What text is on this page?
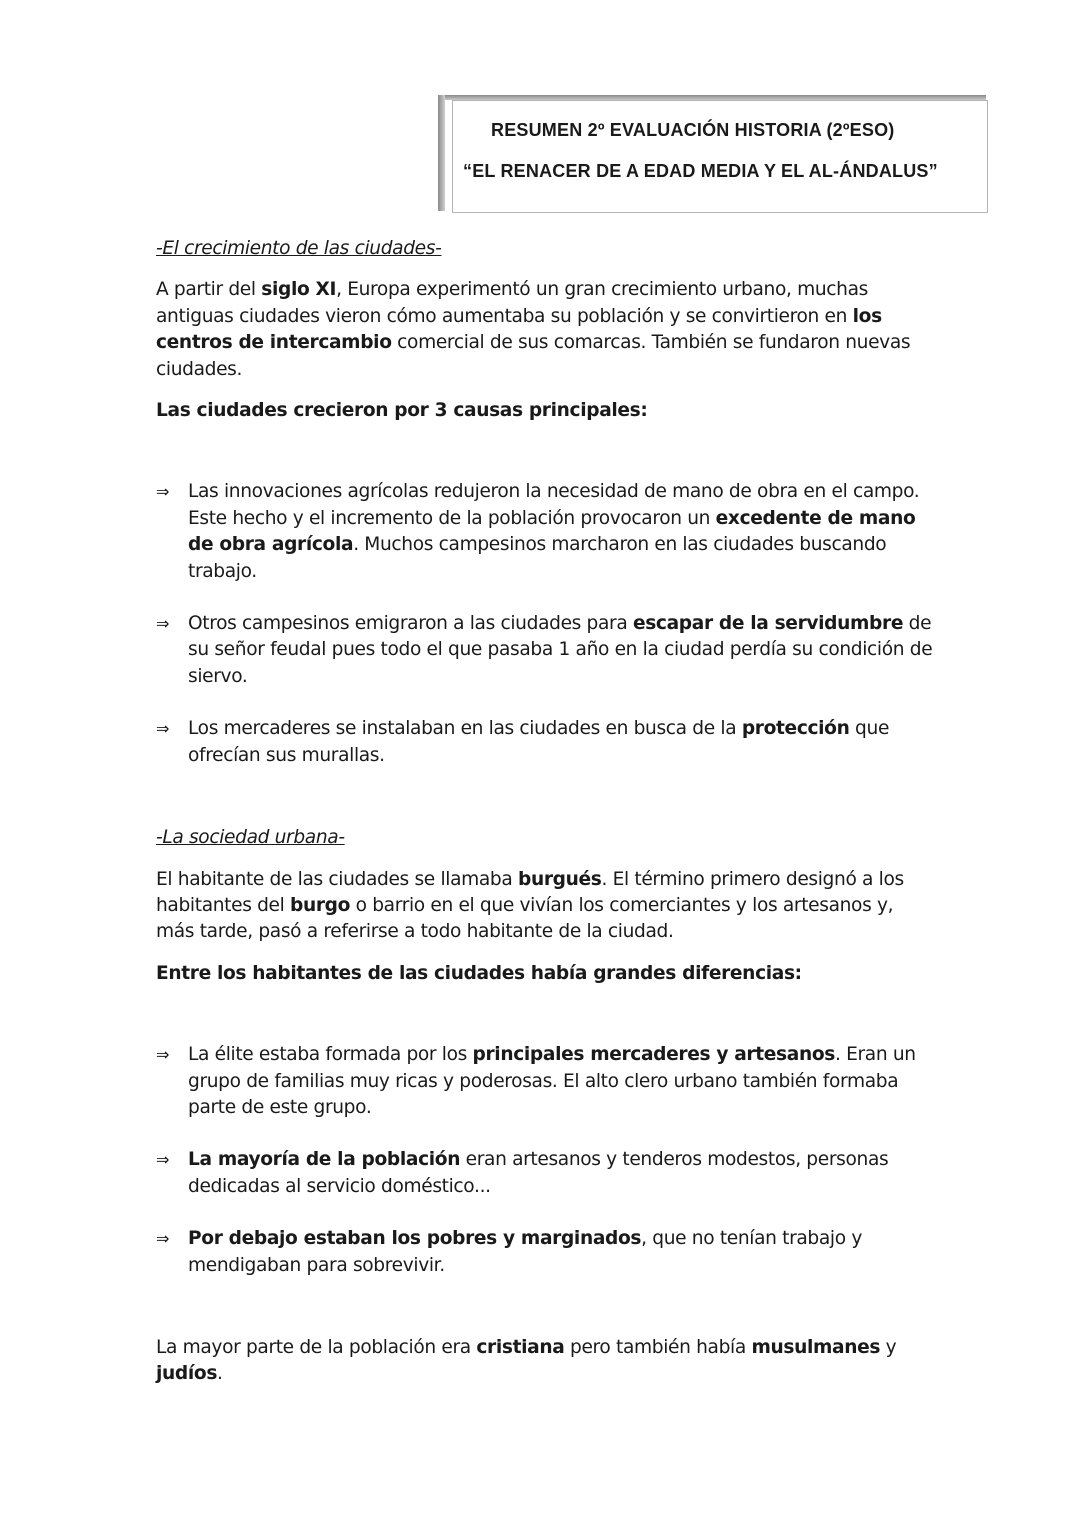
RESUMEN 2º EVALUACIÓN HISTORIA (2ºESO)
“EL RENACER DE A EDAD MEDIA Y EL AL-ÁNDALUS”

-El crecimiento de las ciudades-

A partir del siglo XI, Europa experimentó un gran crecimiento urbano, muchas antiguas ciudades vieron cómo aumentaba su población y se convirtieron en los centros de intercambio comercial de sus comarcas. También se fundaron nuevas ciudades.

Las ciudades crecieron por 3 causas principales:

⇒ Las innovaciones agrícolas redujeron la necesidad de mano de obra en el campo. Este hecho y el incremento de la población provocaron un excedente de mano de obra agrícola. Muchos campesinos marcharon en las ciudades buscando trabajo.
⇒ Otros campesinos emigraron a las ciudades para escapar de la servidumbre de su señor feudal pues todo el que pasaba 1 año en la ciudad perdía su condición de siervo.
⇒ Los mercaderes se instalaban en las ciudades en busca de la protección que ofrecían sus murallas.

-La sociedad urbana-

El habitante de las ciudades se llamaba burgués. El término primero designó a los habitantes del burgo o barrio en el que vivían los comerciantes y los artesanos y, más tarde, pasó a referirse a todo habitante de la ciudad.

Entre los habitantes de las ciudades había grandes diferencias:

⇒ La élite estaba formada por los principales mercaderes y artesanos. Eran un grupo de familias muy ricas y poderosas. El alto clero urbano también formaba parte de este grupo.
⇒ La mayoría de la población eran artesanos y tenderos modestos, personas dedicadas al servicio doméstico...
⇒ Por debajo estaban los pobres y marginados, que no tenían trabajo y mendigaban para sobrevivir.

La mayor parte de la población era cristiana pero también había musulmanes y judíos.
